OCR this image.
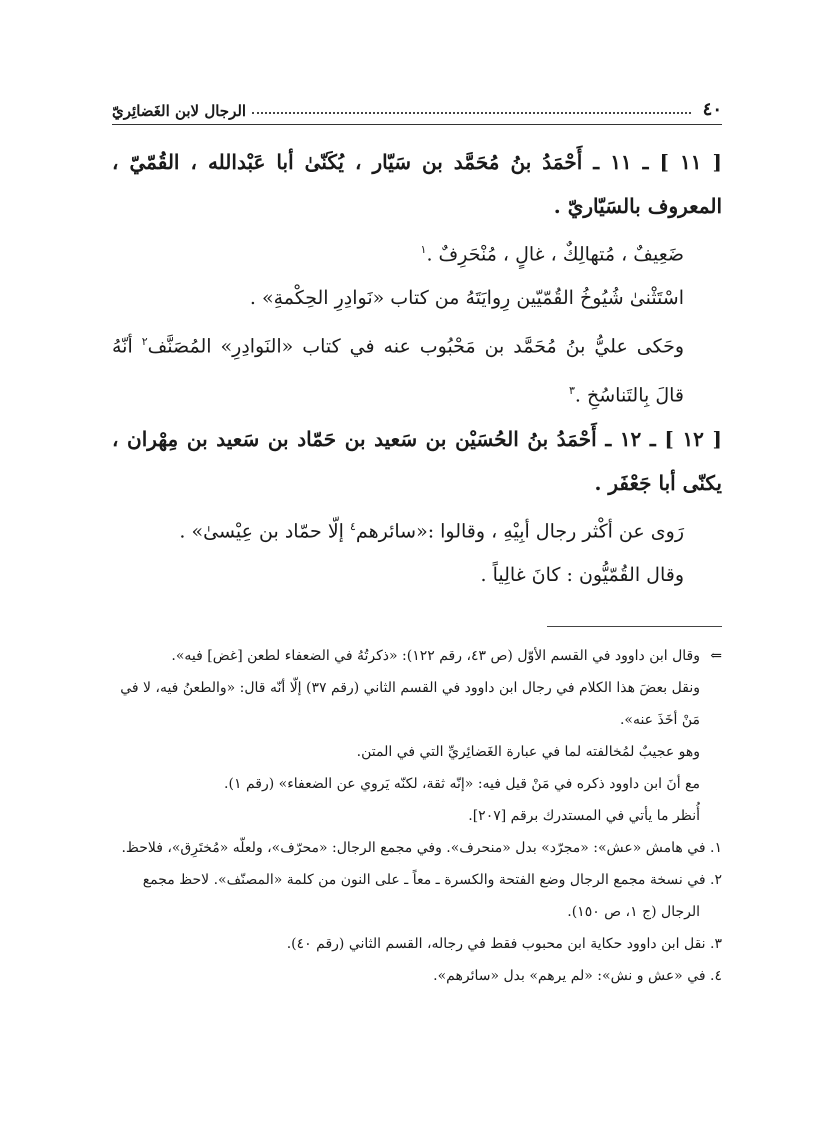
٤٠
الرجال لابن الغَضائِريّ

[ ١١ ] ـ ١١ ـ أَحْمَدُ بنُ مُحَمَّد بن سَيّار ، يُكَنّىٰ أبا عَبْدالله ، القُمّيّ ، المعروف بالسَيّاريّ .

ضَعِيفٌ ، مُتهالِكٌ ، غالٍ ، مُنْحَرِفٌ .$^١$

اسْتَثْنىٰ شُيُوخُ القُمّيّين رِوايَتَهُ من كتاب «نَوادِرِ الحِكْمةِ» .

وحَكى عليُّ بنُ مُحَمَّد بن مَحْبُوب عنه في كتاب «النَوادِرِ» المُصَنَّف$^٢$ أنّهُ قالَ بِالتَناسُخِ .$^٣$

[ ١٢ ] ـ ١٢ ـ أَحْمَدُ بنُ الحُسَيْن بن سَعيد بن حَمّاد بن سَعيد بن مِهْران ، يكنّى أبا جَعْفَر .

رَوى عن أكْثر رجال أبِيْهِ ، وقالوا :«سائرهم$^٤$ إلّا حمّاد بن عِيْسىٰ» .

وقال القُمّيُّون : كانَ غالِياً .

⇐وقال ابن داوود في القسم الأوّل (ص ٤٣، رقم ١٢٢): «ذكرتُهُ في الضعفاء لطعن [غض] فيه».

ونقل بعضَ هذا الكلام في رجال ابن داوود في القسم الثاني (رقم ٣٧) إلّا أنّه قال: «والطعنُ فيه، لا في مَنْ أخَذَ عنه».

وهو عجيبٌ لمُخالفته لما في عبارة الغَضائِريِّ التي في المتن.

مع أنَ ابن داوود ذكره في مَنْ قيل فيه: «إنّه ثقة، لكنّه يَروي عن الضعفاء» (رقم ١).

أُنظر ما يأتي في المستدرك برقم [٢٠٧].

١. في هامش «عش»: «مجرّد» بدل «منحرف». وفي مجمع الرجال: «محرّف»، ولعلّه «مُختَرِق»، فلاحظ.

٢. في نسخة مجمع الرجال وضع الفتحة والكسرة ـ معاً ـ على النون من كلمة «المصنّف». لاحظ مجمع الرجال (ج ١، ص ١٥٠).

٣. نقل ابن داوود حكاية ابن محبوب فقط في رجاله، القسم الثاني (رقم ٤٠).

٤. في «عش و نش»: «لم يرهم» بدل «سائرهم».
